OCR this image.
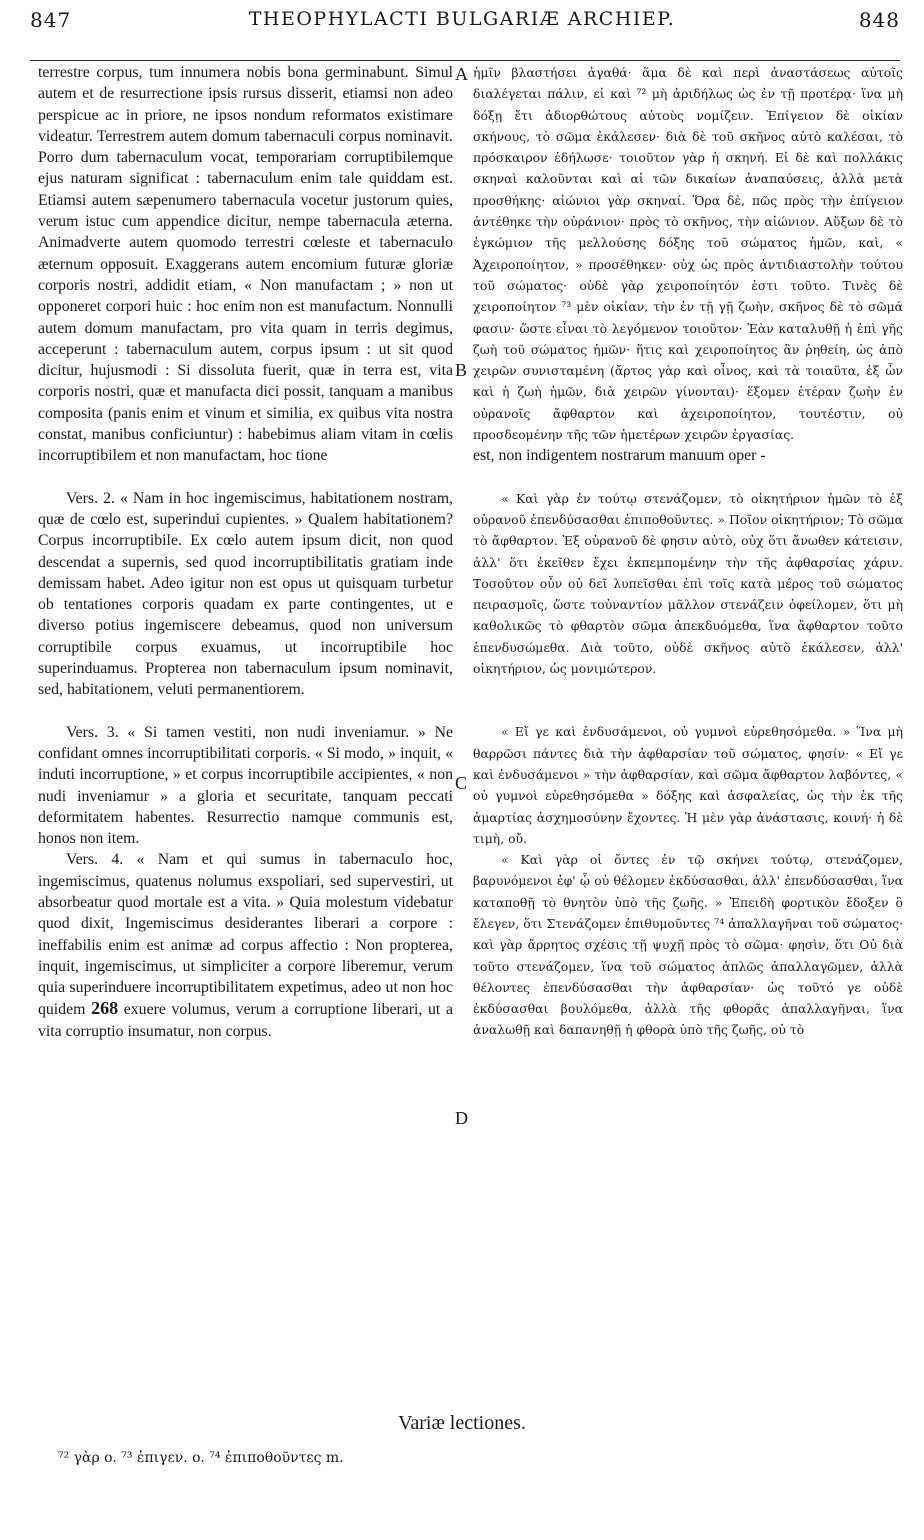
847	THEOPHYLACTI BULGARIÆ ARCHIEP.	848

terrestre corpus, tum innumera nobis bona germinabunt. Simul autem et de resurrectione ipsis rursus disserit, etiamsi non adeo perspicue ac in priore, ne ipsos nondum reformatos existimare videatur. Terrestrem autem domum tabernaculi corpus nominavit. Porro dum tabernaculum vocat, temporariam corruptibilemque ejus naturam significat : tabernaculum enim tale quiddam est. Etiamsi autem sæpenumero tabernacula vocetur justorum quies, verum istuc cum appendice dicitur, nempe tabernacula æterna. Animadverte autem quomodo terrestri cœleste et tabernaculo æternum opposuit. Exaggerans autem encomium futuræ gloriæ corporis nostri, addidit etiam, « Non manufactam ; » non ut opponeret corpori huic : hoc enim non est manufactum. Nonnulli autem domum manufactam, pro vita quam in terris degimus, acceperunt : tabernaculum autem, corpus ipsum : ut sit quod dicitur, hujusmodi : Si dissoluta fuerit, quæ in terra est, vita corporis nostri, quæ et manufacta dici possit, tanquam a manibus composita (panis enim et vinum et similia, ex quibus vita nostra constat, manibus conficiuntur) : habebimus aliam vitam in cœlis incorruptibilem et non manufactam, hoc tione

Vers. 2. « Nam in hoc ingemiscimus, habitationem nostram, quæ de cœlo est, superindui cupientes. » Qualem habitationem? Corpus incorruptibile. Ex cœlo autem ipsum dicit, non quod descendat a supernis, sed quod incorruptibilitatis gratiam inde demissam habet. Adeo igitur non est opus ut quisquam turbetur ob tentationes corporis quadam ex parte contingentes, ut e diverso potius ingemiscere debeamus, quod non universum corruptibile corpus exuamus, ut incorruptibile hoc superinduamus. Propterea non tabernaculum ipsum nominavit, sed, habitationem, veluti permanentiorem.

Vers. 3. « Si tamen vestiti, non nudi inveniamur. » Ne confidant omnes incorruptibilitati corporis. « Si modo, » inquit, « induti incorruptione, » et corpus incorruptibile accipientes, « non nudi inveniamur » a gloria et securitate, tanquam peccati deformitatem habentes. Resurrectio namque communis est, honos non item.

Vers. 4. « Nam et qui sumus in tabernaculo hoc, ingemiscimus, quatenus nolumus exspoliari, sed supervestiri, ut absorbeatur quod mortale est a vita. » Quia molestum videbatur quod dixit, Ingemiscimus desiderantes liberari a corpore : ineffabilis enim est animæ ad corpus affectio : Non propterea, inquit, ingemiscimus, ut simpliciter a corpore liberemur, verum quia superinduere incorruptibilitatem expetimus, adeo ut non hoc quidem 268 exuere volumus, verum a corruptione liberari, ut a vita corruptio insumatur, non corpus.

A
B
C
D

ἡμῖν βλαστήσει ἀγαθά· ἅμα δὲ καὶ περὶ ἀναστάσεως αὐτοῖς διαλέγεται πάλιν, εἰ καὶ ⁷² μὴ ἀριδήλως ὡς ἐν τῇ προτέρᾳ· ἵνα μὴ δόξῃ ἔτι ἀδιορθώτους αὐτοὺς νομίζειν. Ἐπίγειον δὲ οἰκίαν σκήνους, τὸ σῶμα ἐκάλεσεν· διὰ δὲ τοῦ σκῆνος αὐτὸ καλέσαι, τὸ πρόσκαιρον ἐδήλωσε· τοιοῦτον γὰρ ἡ σκηνή. Εἰ δὲ καὶ πολλάκις σκηναὶ καλοῦνται καὶ αἱ τῶν δικαίων ἀναπαύσεις, ἀλλὰ μετὰ προσθήκης· αἰώνιοι γὰρ σκηναί. Ὅρα δὲ, πῶς πρὸς τὴν ἐπίγειον ἀντέθηκε τὴν οὐράνιον· πρὸς τὸ σκῆνος, τὴν αἰώνιον. Αὔξων δὲ τὸ ἐγκώμιον τῆς μελλούσης δόξης τοῦ σώματος ἡμῶν, καὶ, « Ἀχειροποίητον, » προσέθηκεν· οὐχ ὡς πρὸς ἀντιδιαστολὴν τούτου τοῦ σώματος· οὐδὲ γὰρ χειροποίητόν ἐστι τοῦτο. Τινὲς δὲ χειροποίητον ⁷³ μὲν οἰκίαν, τὴν ἐν τῇ γῇ ζωὴν, σκῆνος δὲ τὸ σῶμά φασιν· ὥστε εἶναι τὸ λεγόμενον τοιοῦτον· Ἐὰν καταλυθῇ ἡ ἐπὶ γῆς ζωὴ τοῦ σώματος ἡμῶν· ἥτις καὶ χειροποίητος ἂν ῥηθείη, ὡς ἀπὸ χειρῶν συνισταμένη (ἄρτος γὰρ καὶ οἶνος, καὶ τὰ τοιαῦτα, ἐξ ὧν καὶ ἡ ζωὴ ἡμῶν, διὰ χειρῶν γίνονται)· ἕξομεν ἑτέραν ζωὴν ἐν οὐρανοῖς ἄφθαρτον καὶ ἀχειροποίητον, τουτέστιν, οὐ προσδεομένην τῆς τῶν ἡμετέρων χειρῶν ἐργασίας.

est, non indigentem nostrarum manuum oper -

« Καὶ γὰρ ἐν τούτῳ στενάζομεν, τὸ οἰκητήριον ἡμῶν τὸ ἐξ οὐρανοῦ ἐπενδύσασθαι ἐπιποθοῦντες. » Ποῖον οἰκητήριον; Τὸ σῶμα τὸ ἄφθαρτον. Ἐξ οὐρανοῦ δὲ φησιν αὐτὸ, οὐχ ὅτι ἄνωθεν κάτεισιν, ἀλλ' ὅτι ἐκεῖθεν ἔχει ἐκπεμπομένην τὴν τῆς ἀφθαρσίας χάριν. Τοσοῦτον οὖν οὐ δεῖ λυπεῖσθαι ἐπὶ τοῖς κατὰ μέρος τοῦ σώματος πειρασμοῖς, ὥστε τοὐναντίον μᾶλλον στενάζειν ὀφείλομεν, ὅτι μὴ καθολικῶς τὸ φθαρτὸν σῶμα ἀπεκδυόμεθα, ἵνα ἄφθαρτον τοῦτο ἐπενδυσώμεθα. Διὰ τοῦτο, οὐδὲ σκῆνος αὐτὸ ἐκάλεσεν, ἀλλ' οἰκητήριον, ὡς μονιμώτερον.

« Εἴ γε καὶ ἐνδυσάμενοι, οὐ γυμνοὶ εὑρεθησόμεθα. » Ἵνα μὴ θαρρῶσι πάντες διὰ τὴν ἀφθαρσίαν τοῦ σώματος, φησίν· « Εἴ γε καὶ ἐνδυσάμενοι » τὴν ἀφθαρσίαν, καὶ σῶμα ἄφθαρτον λαβόντες, « οὐ γυμνοὶ εὑρεθησόμεθα » δόξης καὶ ἀσφαλείας, ὡς τὴν ἐκ τῆς ἁμαρτίας ἀσχημοσύνην ἔχοντες. Ἡ μὲν γὰρ ἀνάστασις, κοινή· ἡ δὲ τιμὴ, οὔ.

« Καὶ γὰρ οἱ ὄντες ἐν τῷ σκήνει τούτῳ, στενάζομεν, βαρυνόμενοι ἐφ' ᾧ οὐ θέλομεν ἐκδύσασθαι, ἀλλ' ἐπενδύσασθαι, ἵνα καταποθῇ τὸ θνητὸν ὑπὸ τῆς ζωῆς. » Ἐπειδὴ φορτικὸν ἔδοξεν ὃ ἔλεγεν, ὅτι Στενάζομεν ἐπιθυμοῦντες ⁷⁴ ἀπαλλαγῆναι τοῦ σώματος· καὶ γὰρ ἄρρητος σχέσις τῇ ψυχῇ πρὸς τὸ σῶμα· φησὶν, ὅτι Οὐ διὰ τοῦτο στενάζομεν, ἵνα τοῦ σώματος ἁπλῶς ἀπαλλαγῶμεν, ἀλλὰ θέλοντες ἐπενδύσασθαι τὴν ἀφθαρσίαν· ὡς τοῦτό γε οὐδὲ ἐκδύσασθαι βουλόμεθα, ἀλλὰ τῆς φθορᾶς ἀπαλλαγῆναι, ἵνα ἀναλωθῇ καὶ δαπανηθῇ ἡ φθορὰ ὑπὸ τῆς ζωῆς, οὐ τὸ

Variæ lectiones.
⁷² γὰρ o. ⁷³ ἐπιγεν. o. ⁷⁴ ἐπιποθοῦντες m.
